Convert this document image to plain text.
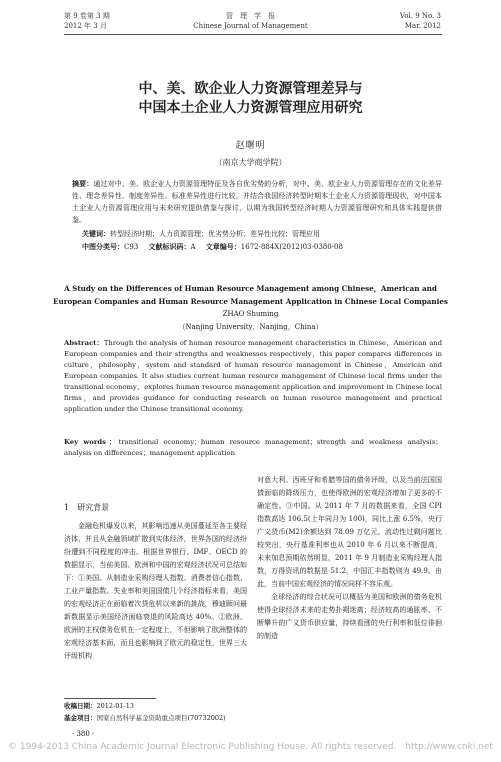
第 9 卷第 3 期
2012 年 3 月
管　理　学　报
Chinese Journal of Management
Vol. 9 No. 3
Mar. 2012
中、美、欧企业人力资源管理差异与
中国本土企业人力资源管理应用研究
赵曙明
（南京大学商学院）
摘要：通过对中、美、欧企业人力资源管理特征及各自优劣势的分析，对中、美、欧企业人力资源管理存在的文化差异性、理念差异性、制度差异性、标准差异性进行比较，并结合我国经济转型时期本土企业人力资源管理现状，对中国本土企业人力资源管理应用与未来研究提供借鉴与探讨，以期为我国转型经济时期人力资源管理研究和具体实践提供借鉴。
关键词：转型经济时期；人力资源管理；优劣势分析；差异性比较；管理应用
中图分类号：C93 文献标识码：A 文章编号：1672-884X(2012)03-0380-08
A Study on the Differences of Human Resource Management among Chinese，American and
European Companies and Human Resource Management Application in Chinese Local Companies
ZHAO Shuming
（Nanjing University，Nanjing，China）
Abstract：Through the analysis of human resource management characteristics in Chinese，American and European companies and their strengths and weaknesses respectively，this paper compares differences in culture，philosophy，system and standard of human resource management in Chinese，American and European companies. It also studies current human resource management of Chinese local firms under the transitional economy，explores human resource management application and improvement in Chinese local firms，and provides guidance for conducting research on human resource management and practical application under the Chinese transitional economy.
Key words：transitional economy；human resource management；strength and weakness analysis；analysis on differences；management application
1　研究背景
金融危机爆发以来，其影响迅速从美国蔓延至各主要经济体，并且从金融领域扩散到实体经济，世界各国的经济纷纷遭到不同程度的冲击。根据世界银行、IMF、OECD 的数据显示，当前美国、欧洲和中国的宏观经济状况可总结如下：①美国。从制造业采购经理人指数、消费者信心指数、工业产量指数、失业率和美国国债几个经济指标来看，美国的宏观经济正在面临着次贷危机以来新的挑战，穆迪顾问最新数据显示美国经济面临衰退的风险高达 40%。②欧洲。欧洲的主权债务危机在一定程度上，不但影响了欧洲整体的宏观经济基本面，而且也影响到了欧元的稳定性，世界三大评级机构
对意大利、西班牙和希腊等国的债务评级，以及当前法国国债面临的降级压力，也使得欧洲的宏观经济增加了更多的不确定性。③中国。从 2011 年 7 月的数据来看，全国 CPI 指数高达 106.5(上年同月为 100)，同比上涨 6.5%，央行广义货币(M2)余额达到 78.09 万亿元，流动性过剩问题比较突出，央行基准利率也从 2010 年 6 月以来不断提高，未来加息预期依然明显，2011 年 9 月制造业采购经理人指数，万得资讯的数据是 51.2，中国汇丰指数则为 49.9。由此，当前中国宏观经济的情况同样不容乐观。
全球经济的综合状况可以概括为美国和欧洲的债务危机使得全球经济未来的走势扑朔迷离；经济较高的通胀率、不断攀升的广义货币供应量，持续看涨的央行利率和低位徘徊的制造
收稿日期：2012-01-13
基金项目：国家自然科学基金资助重点项目(70732002)
· 380 ·
© 1994-2013 China Academic Journal Electronic Publishing House. All rights reserved.　http://www.cnki.net
